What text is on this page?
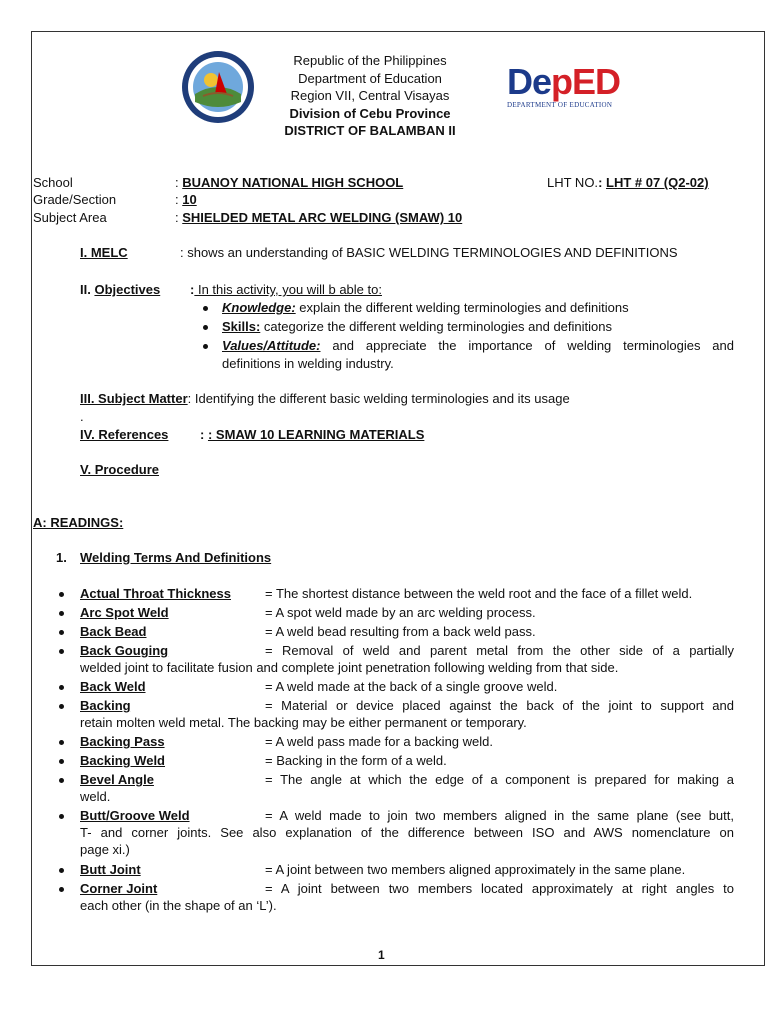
DepED
DEPARTMENT OF EDUCATION
Republic of the Philippines
Department of Education
Region VII, Central Visayas
Division of Cebu Province
DISTRICT OF BALAMBAN II
School	: BUANOY NATIONAL HIGH SCHOOL	LHT NO.: LHT # 07 (Q2-02)
Grade/Section	: 10
Subject Area	: SHIELDED METAL ARC WELDING (SMAW) 10
I. MELC	: shows an understanding of BASIC WELDING TERMINOLOGIES AND DEFINITIONS
II. Objectives : In this activity, you will b able to:
Knowledge: explain the different welding terminologies and definitions
Skills: categorize the different welding terminologies and definitions
Values/Attitude: and appreciate the importance of welding terminologies and
definitions in welding industry.
III. Subject Matter: Identifying the different basic welding terminologies and its usage
.
IV. References : : SMAW 10 LEARNING MATERIALS
V. Procedure
A: READINGS:
1. Welding Terms And Definitions
Actual Throat Thickness	= The shortest distance between the weld root and the face of a fillet weld.
Arc Spot Weld	= A spot weld made by an arc welding process.
Back Bead	= A weld bead resulting from a back weld pass.
Back Gouging	= Removal of weld and parent metal from the other side of a partially
welded joint to facilitate fusion and complete joint penetration following welding from that side.
Back Weld	= A weld made at the back of a single groove weld.
Backing	= Material or device placed against the back of the joint to support and
retain molten weld metal. The backing may be either permanent or temporary.
Backing Pass	= A weld pass made for a backing weld.
Backing Weld	= Backing in the form of a weld.
Bevel Angle	= The angle at which the edge of a component is prepared for making a
weld.
Butt/Groove Weld	= A weld made to join two members aligned in the same plane (see butt,
T- and corner joints. See also explanation of the difference between ISO and AWS nomenclature on
page xi.)
Butt Joint	= A joint between two members aligned approximately in the same plane.
Corner Joint	= A joint between two members located approximately at right angles to
each other (in the shape of an ‘L’).
1
